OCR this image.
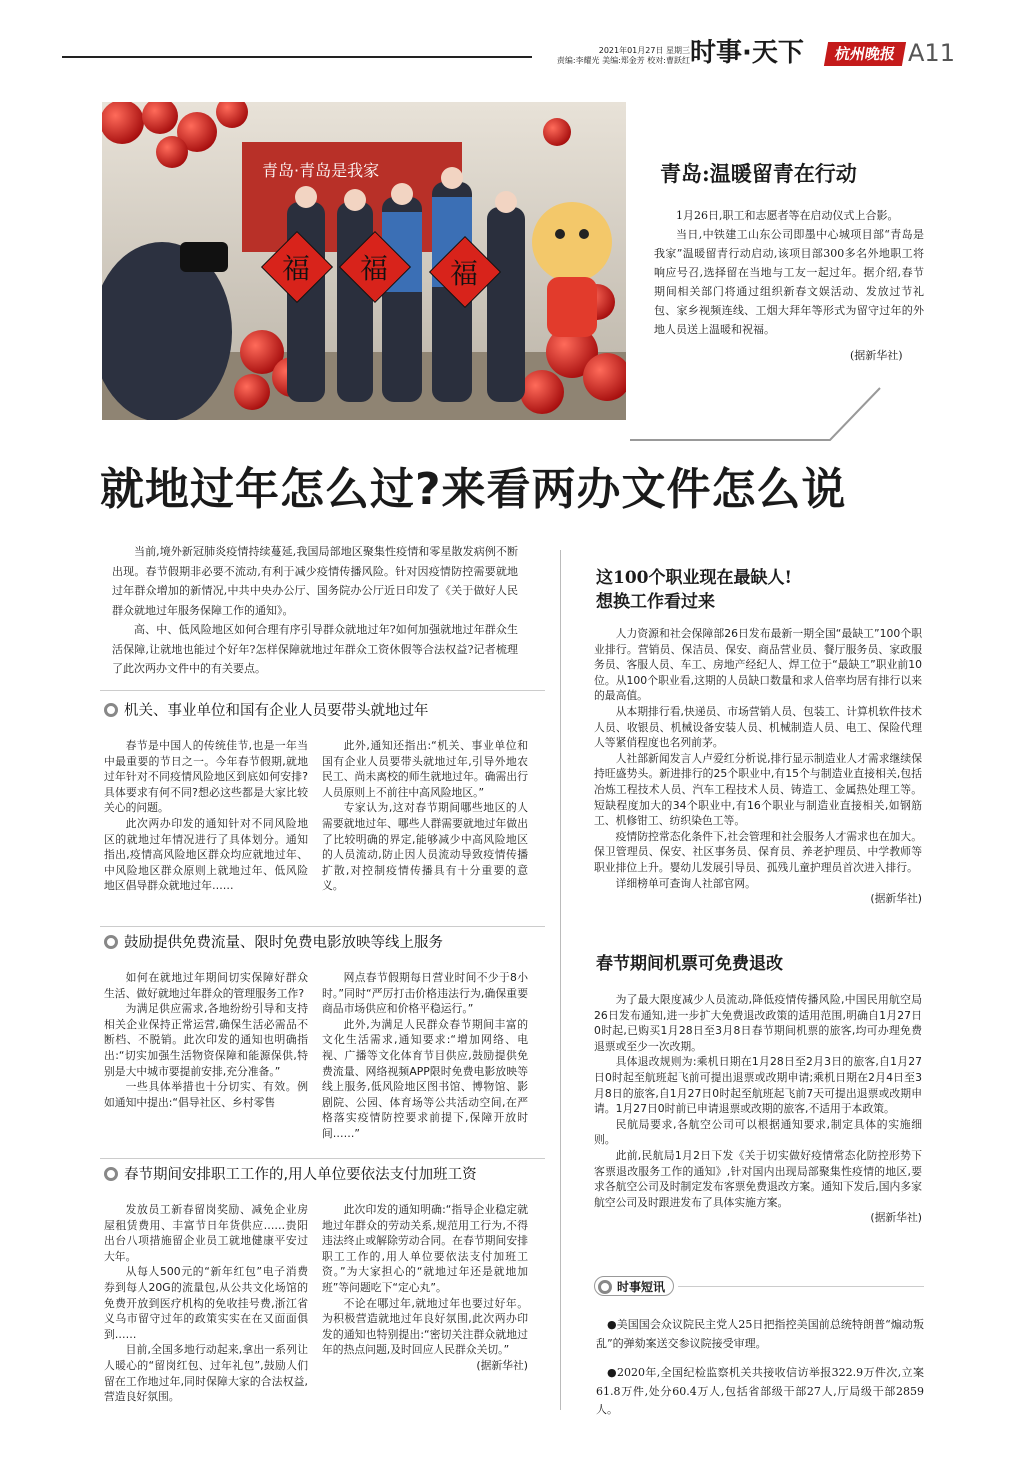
2021年01月27日 星期三
责编:李耀光 美编:郑金芳 校对:曹跃红 时事·天下	杭州晚报 A11
青岛·青岛是我家
福 福 福
青岛:温暖留青在行动

1月26日,职工和志愿者等在启动仪式上合影。

当日,中铁建工山东公司即墨中心城项目部“青岛是我家”温暖留青行动启动,该项目部300多名外地职工将响应号召,选择留在当地与工友一起过年。据介绍,春节期间相关部门将通过组织新春文娱活动、发放过节礼包、家乡视频连线、工烟大拜年等形式为留守过年的外地人员送上温暖和祝福。

(据新华社)
就地过年怎么过?来看两办文件怎么说

当前,境外新冠肺炎疫情持续蔓延,我国局部地区聚集性疫情和零星散发病例不断出现。春节假期非必要不流动,有利于减少疫情传播风险。针对因疫情防控需要就地过年群众增加的新情况,中共中央办公厅、国务院办公厅近日印发了《关于做好人民群众就地过年服务保障工作的通知》。

高、中、低风险地区如何合理有序引导群众就地过年?如何加强就地过年群众生活保障,让就地也能过个好年?怎样保障就地过年群众工资休假等合法权益?记者梳理了此次两办文件中的有关要点。

机关、事业单位和国有企业人员要带头就地过年

春节是中国人的传统佳节,也是一年当中最重要的节日之一。今年春节假期,就地过年针对不同疫情风险地区到底如何安排?具体要求有何不同?想必这些都是大家比较关心的问题。

此次两办印发的通知针对不同风险地区的就地过年情况进行了具体划分。通知指出,疫情高风险地区群众均应就地过年、中风险地区群众原则上就地过年、低风险地区倡导群众就地过年……

此外,通知还指出:“机关、事业单位和国有企业人员要带头就地过年,引导外地农民工、尚未离校的师生就地过年。确需出行人员原则上不前往中高风险地区。”

专家认为,这对春节期间哪些地区的人需要就地过年、哪些人群需要就地过年做出了比较明确的界定,能够减少中高风险地区的人员流动,防止因人员流动导致疫情传播扩散,对控制疫情传播具有十分重要的意义。

鼓励提供免费流量、限时免费电影放映等线上服务

如何在就地过年期间切实保障好群众生活、做好就地过年群众的管理服务工作?

为满足供应需求,各地纷纷引导和支持相关企业保持正常运营,确保生活必需品不断档、不脱销。此次印发的通知也明确指出:“切实加强生活物资保障和能源保供,特别是大中城市要提前安排,充分准备。”

一些具体举措也十分切实、有效。例如通知中提出:“倡导社区、乡村零售

网点春节假期每日营业时间不少于8小时。”同时“严厉打击价格违法行为,确保重要商品市场供应和价格平稳运行。”

此外,为满足人民群众春节期间丰富的文化生活需求,通知要求:“增加网络、电视、广播等文化体育节目供应,鼓励提供免费流量、网络视频APP限时免费电影放映等线上服务,低风险地区图书馆、博物馆、影剧院、公园、体育场等公共活动空间,在严格落实疫情防控要求前提下,保障开放时间……”

春节期间安排职工工作的,用人单位要依法支付加班工资

发放员工新春留岗奖励、减免企业房屋租赁费用、丰富节日年货供应……贵阳出台八项措施留企业员工就地健康平安过大年。

从每人500元的“新年红包”电子消费券到每人20G的流量包,从公共文化场馆的免费开放到医疗机构的免收挂号费,浙江省义乌市留守过年的政策实实在在又面面俱到……

目前,全国多地行动起来,拿出一系列让人暖心的“留岗红包、过年礼包”,鼓励人们留在工作地过年,同时保障大家的合法权益,营造良好氛围。

此次印发的通知明确:“指导企业稳定就地过年群众的劳动关系,规范用工行为,不得违法终止或解除劳动合同。在春节期间安排职工工作的,用人单位要依法支付加班工资。”为大家担心的“就地过年还是就地加班”等问题吃下“定心丸”。

不论在哪过年,就地过年也要过好年。为积极营造就地过年良好氛围,此次两办印发的通知也特别提出:“密切关注群众就地过年的热点问题,及时回应人民群众关切。”

(据新华社)
这100个职业现在最缺人!
想换工作看过来

人力资源和社会保障部26日发布最新一期全国“最缺工”100个职业排行。营销员、保洁员、保安、商品营业员、餐厅服务员、家政服务员、客服人员、车工、房地产经纪人、焊工位于“最缺工”职业前10位。从100个职业看,这期的人员缺口数量和求人倍率均居有排行以来的最高值。

从本期排行看,快递员、市场营销人员、包装工、计算机软件技术人员、收银员、机械设备安装人员、机械制造人员、电工、保险代理人等紧俏程度也名列前茅。

人社部新闻发言人卢爱红分析说,排行显示制造业人才需求继续保持旺盛势头。新进排行的25个职业中,有15个与制造业直接相关,包括冶炼工程技术人员、汽车工程技术人员、铸造工、金属热处理工等。短缺程度加大的34个职业中,有16个职业与制造业直接相关,如钢筋工、机修钳工、纺织染色工等。

疫情防控常态化条件下,社会管理和社会服务人才需求也在加大。保卫管理员、保安、社区事务员、保育员、养老护理员、中学教师等职业排位上升。婴幼儿发展引导员、孤残儿童护理员首次进入排行。

详细榜单可查询人社部官网。

(据新华社)
春节期间机票可免费退改

为了最大限度减少人员流动,降低疫情传播风险,中国民用航空局26日发布通知,进一步扩大免费退改政策的适用范围,明确自1月27日0时起,已购买1月28日至3月8日春节期间机票的旅客,均可办理免费退票或至少一次改期。

具体退改规则为:乘机日期在1月28日至2月3日的旅客,自1月27日0时起至航班起飞前可提出退票或改期申请;乘机日期在2月4日至3月8日的旅客,自1月27日0时起至航班起飞前7天可提出退票或改期申请。1月27日0时前已申请退票或改期的旅客,不适用于本政策。

民航局要求,各航空公司可以根据通知要求,制定具体的实施细则。

此前,民航局1月2日下发《关于切实做好疫情常态化防控形势下客票退改服务工作的通知》,针对国内出现局部聚集性疫情的地区,要求各航空公司及时制定发布客票免费退改方案。通知下发后,国内多家航空公司及时跟进发布了具体实施方案。

(据新华社)
时事短讯

●美国国会众议院民主党人25日把指控美国前总统特朗普“煽动叛乱”的弹劾案送交参议院接受审理。

●2020年,全国纪检监察机关共接收信访举报322.9万件次,立案61.8万件,处分60.4万人,包括省部级干部27人,厅局级干部2859人。
